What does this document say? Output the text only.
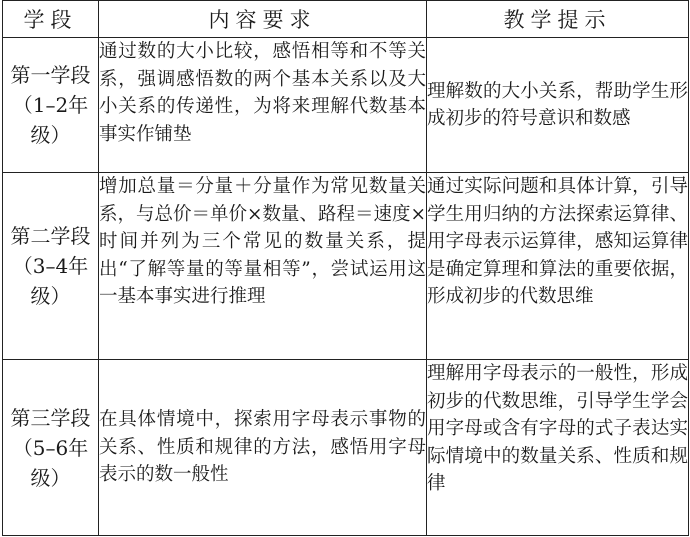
学段	内容要求	教学提示
第一学段（1–2年级）	通过数的大小比较，感悟相等和不等关系，强调感悟数的两个基本关系以及大小关系的传递性，为将来理解代数基本事实作铺垫	理解数的大小关系，帮助学生形成初步的符号意识和数感
第二学段（3–4年级）	增加总量＝分量＋分量作为常见数量关系，与总价＝单价×数量、路程＝速度×时间并列为三个常见的数量关系，提出“了解等量的等量相等”，尝试运用这一基本事实进行推理	通过实际问题和具体计算，引导学生用归纳的方法探索运算律、用字母表示运算律，感知运算律是确定算理和算法的重要依据，形成初步的代数思维
第三学段（5–6年级）	在具体情境中，探索用字母表示事物的关系、性质和规律的方法，感悟用字母表示的数一般性	理解用字母表示的一般性，形成初步的代数思维，引导学生学会用字母或含有字母的式子表达实际情境中的数量关系、性质和规律
